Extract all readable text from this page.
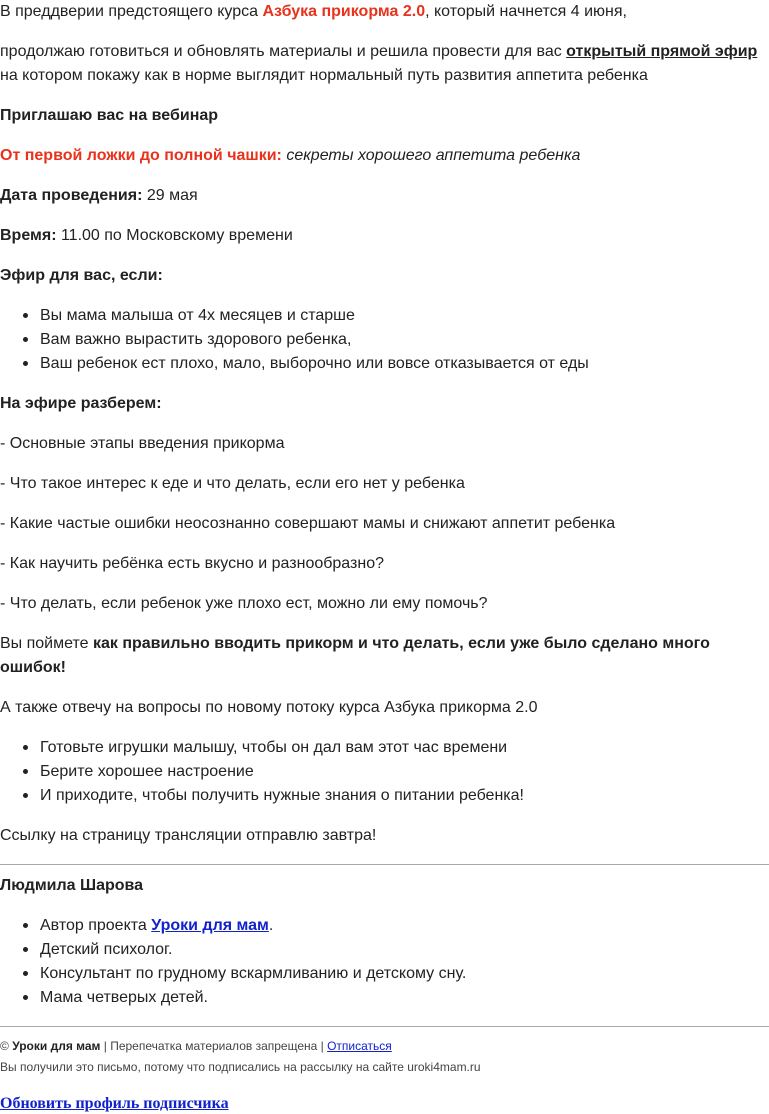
В преддверии предстоящего курса Азбука прикорма 2.0, который начнется 4 июня,
продолжаю готовиться и обновлять материалы и решила провести для вас открытый прямой эфир
на котором покажу как в норме выглядит нормальный путь развития аппетита ребенка
Приглашаю вас на вебинар
От первой ложки до полной чашки: секреты хорошего аппетита ребенка
Дата проведения: 29 мая
Время: 11.00 по Московскому времени
Эфир для вас, если:
Вы мама малыша от 4х месяцев и старше
Вам важно вырастить здорового ребенка,
Ваш ребенок ест плохо, мало, выборочно или вовсе отказывается от еды
На эфире разберем:
- Основные этапы введения прикорма
- Что такое интерес к еде и что делать, если его нет у ребенка
- Какие частые ошибки неосознанно совершают мамы и снижают аппетит ребенка
- Как научить ребёнка есть вкусно и разнообразно?
- Что делать, если ребенок уже плохо ест, можно ли ему помочь?
Вы поймете как правильно вводить прикорм и что делать, если уже было сделано много ошибок!
А также отвечу на вопросы по новому потоку курса Азбука прикорма 2.0
Готовьте игрушки малышу, чтобы он дал вам этот час времени
Берите хорошее настроение
И приходите, чтобы получить нужные знания о питании ребенка!
Ссылку на страницу трансляции отправлю завтра!
Людмила Шарова
Автор проекта Уроки для мам.
Детский психолог.
Консультант по грудному вскармливанию и детскому сну.
Мама четверых детей.
© Уроки для мам | Перепечатка материалов запрещена | Отписаться
Вы получили это письмо, потому что подписались на рассылку на сайте uroki4mam.ru
Обновить профиль подписчика
